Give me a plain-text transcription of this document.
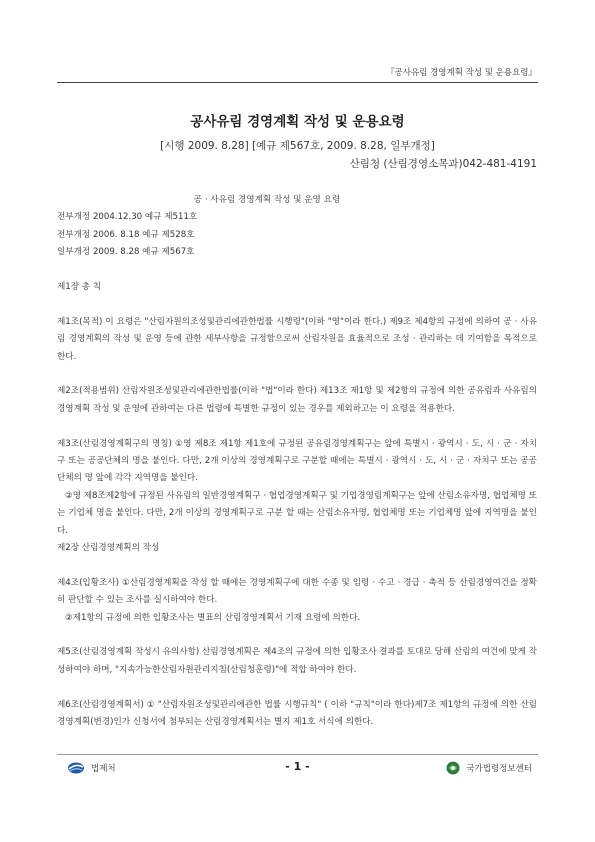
『공사유림 경영계획 작성 및 운용요령』
공사유림 경영계획 작성 및 운용요령
[시행 2009. 8.28] [예규 제567호, 2009. 8.28, 일부개정]
산림청 (산림경영소목과)042-481-4191

공 · 사유림 경영계획 작성 및 운영 요령

전부개정 2004.12.30 예규 제511호

전부개정 2006. 8.18 예규 제528호

일부개정 2009. 8.28 예규 제567호

제1장 총 칙

제1조(목적) 이 요령은 "산림자원의조성및관리에관한법률 시행령"(이하 "영"이라 한다.) 제9조 제4항의 규정에 의하여 공 · 사유림 경영계획의 작성 및 운영 등에 관한 세부사항을 규정함으로써 산림자원을 효율적으로 조성 · 관리하는 데 기여함을 목적으로 한다.

제2조(적용범위) 산림자원조성및관리에관한법률(이하 "법"이라 한다) 제13조 제1항 및 제2항의 규정에 의한 공유림과 사유림의 경영계획 작성 및 운영에 관하여는 다른 법령에 특별한 규정이 있는 경우를 제외하고는 이 요령을 적용한다.

제3조(산림경영계획구의 명칭) ①영 제8조 제1항 제1호에 규정된 공유림경영계획구는 앞에 특별시 · 광역시 · 도, 시 · 군 · 자치구 또는 공공단체의 명을 붙인다. 다만, 2개 이상의 경영계획구로 구분할 때에는 특별시 · 광역시 · 도, 시 · 군 · 자치구 또는 공공단체의 명 앞에 각각 지역명을 붙인다.

②영 제8조제2항에 규정된 사유림의 일반경영계획구 · 협업경영계획구 및 기업경영림계획구는 앞에 산림소유자명, 협업체명 또는 기업체 명을 붙인다. 다만, 2개 이상의 경영계획구로 구분 할 때는 산림소유자명, 협업체명 또는 기업체명 앞에 지역명을 붙인다.

제2장 산림경영계획의 작성

제4조(입황조사) ①산림경영계획을 작성 할 때에는 경영계획구에 대한 수종 및 임령 · 수고 · 경급 · 축적 등 산림경영여건을 정확히 판단할 수 있는 조사를 실시하여야 한다.

②제1항의 규정에 의한 입황조사는 별표의 산림경영계획서 기재 요령에 의한다.

제5조(산림경영계획 작성시 유의사항) 산림경영계획은 제4조의 규정에 의한 입황조사 결과를 토대로 당해 산림의 여건에 맞게 작성하여야 하며, "지속가능한산림자원관리지침(산림청훈령)"에 적합 하여야 한다.

제6조(산림경영계획서) ① "산림자원조성및관리에관한 법률 시행규칙" ( 이하 "규칙"이라 한다)제7조 제1항의 규정에 의한 산림경영계획(변경)인가 신청서에 첨부되는 산림경영계획서는 별지 제1호 서식에 의한다.

법제처	- 1 -	국가법령정보센터
